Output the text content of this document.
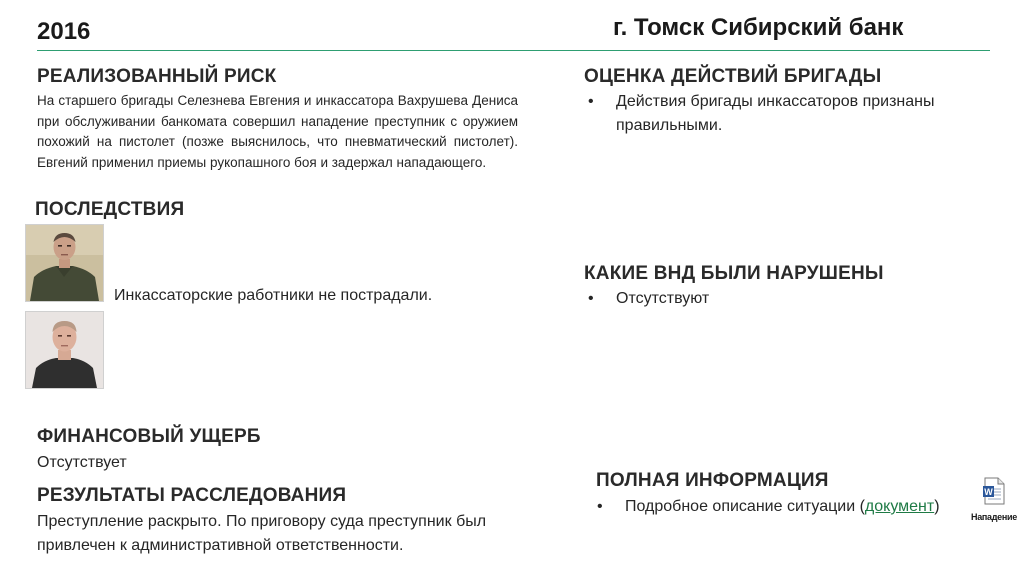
2016	г. Томск Сибирский банк
РЕАЛИЗОВАННЫЙ РИСК
На старшего бригады Селезнева Евгения и инкассатора Вахрушева Дениса при обслуживании банкомата совершил нападение преступник с оружием похожий на пистолет (позже выяснилось, что пневматический пистолет). Евгений применил приемы рукопашного боя и задержал нападающего.
ПОСЛЕДСТВИЯ
Инкассаторские работники не пострадали.
ФИНАНСОВЫЙ УЩЕРБ
Отсутствует
РЕЗУЛЬТАТЫ РАССЛЕДОВАНИЯ
Преступление раскрыто. По приговору суда преступник был привлечен к административной ответственности.
ОЦЕНКА ДЕЙСТВИЙ БРИГАДЫ
• Действия бригады инкассаторов признаны правильными.
КАКИЕ ВНД БЫЛИ НАРУШЕНЫ
• Отсутствуют
ПОЛНАЯ ИНФОРМАЦИЯ
• Подробное описание ситуации (документ)
W
Нападение
